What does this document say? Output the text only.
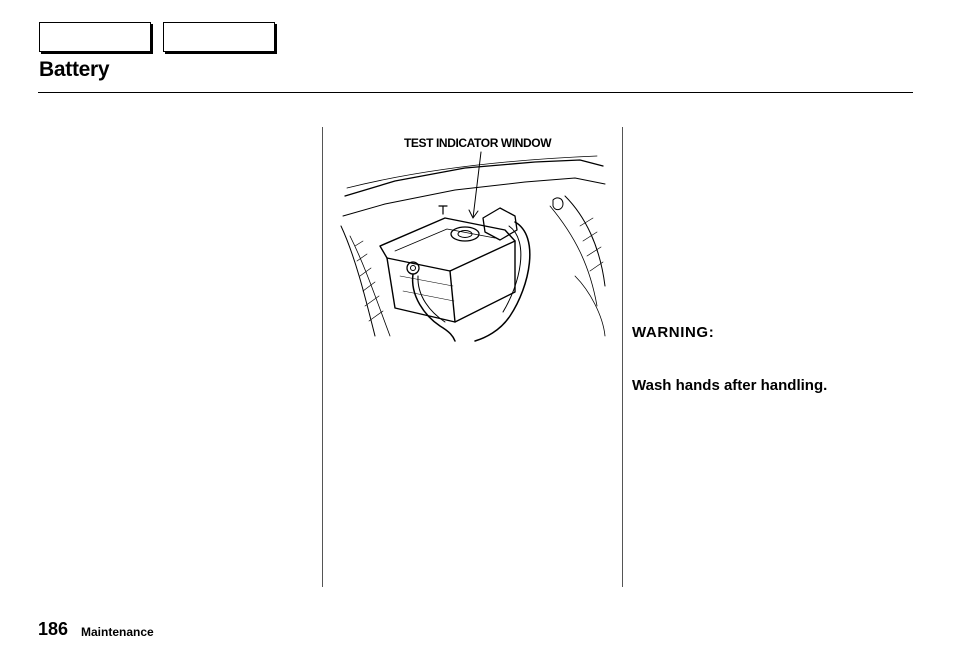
Battery
TEST INDICATOR WINDOW
WARNING:
Wash hands after handling.
186 Maintenance
